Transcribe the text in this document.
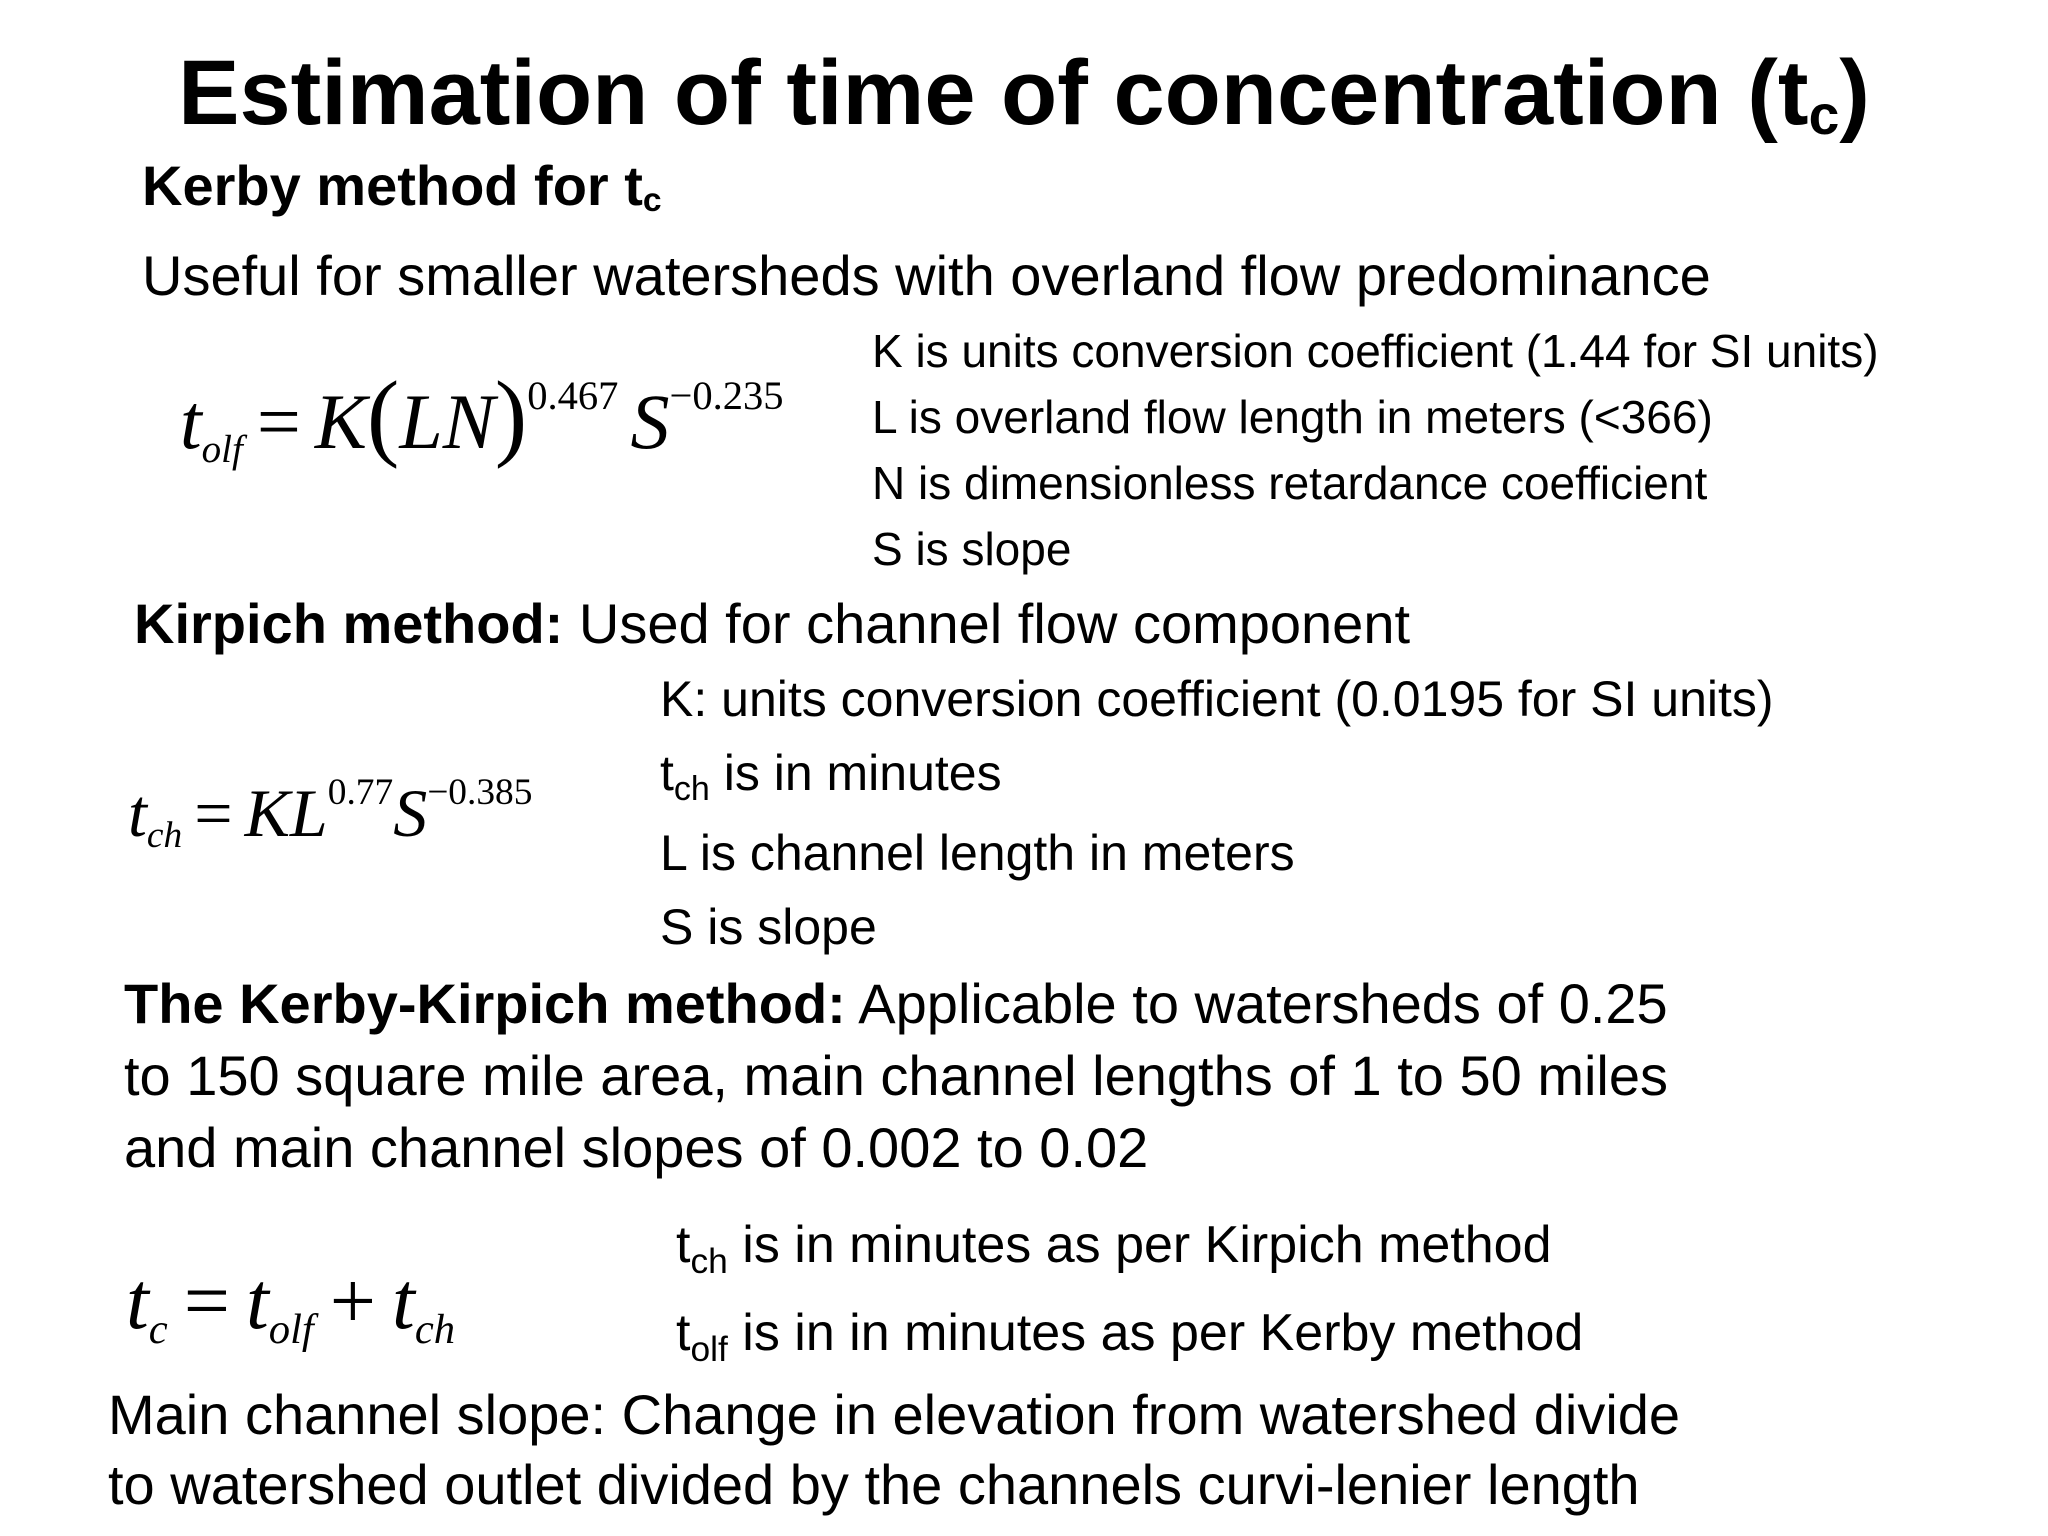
Estimation of time of concentration $(t_c)$
Kerby method for $t_c$
Useful for smaller watersheds with overland flow predominance
$t_{olf} = K(LN)^{0.467}$ $S^{-0.235}$
K is units conversion coefficient (1.44 for SI units)
L is overland flow length in meters (<366)
N is dimensionless retardance coefficient
S is slope
Kirpich method: Used for channel flow component
$t_{ch} = KL^{0.77}S^{-0.385}$
K: units conversion coefficient (0.0195 for SI units)
$t_{ch}$ is in minutes
L is channel length in meters
S is slope
The Kerby-Kirpich method: Applicable to watersheds of 0.25
to 150 square mile area, main channel lengths of 1 to 50 miles
and main channel slopes of 0.002 to 0.02
$t_c = t_{olf} + t_{ch}$
$t_{ch}$ is in minutes as per Kirpich method
$t_{olf}$ is in in minutes as per Kerby method
Main channel slope: Change in elevation from watershed divide
to watershed outlet divided by the channels curvi-lenier length
